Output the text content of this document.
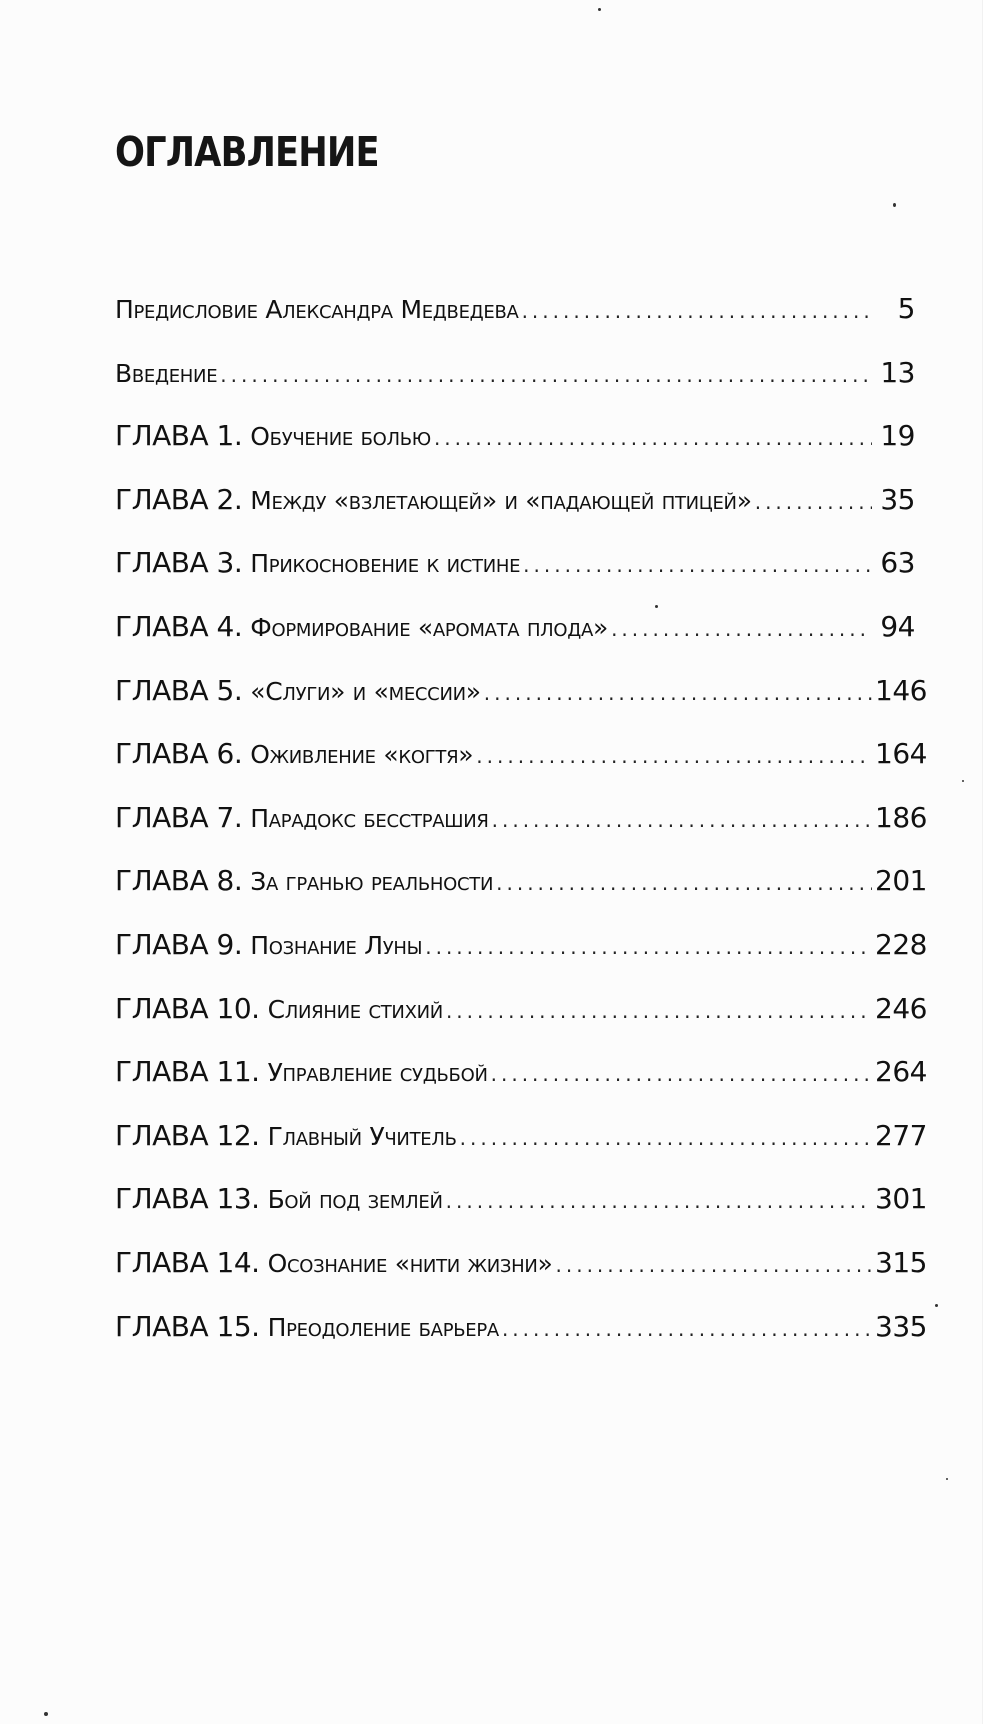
ОГЛАВЛЕНИЕ
Предисловие Александра Медведева .....	5
Введение .....	13
ГЛАВА 1. Обучение болью .....	19
ГЛАВА 2. Между «взлетающей» и «падающей птицей» .....	35
ГЛАВА 3. Прикосновение к истине .....	63
ГЛАВА 4. Формирование «аромата плода» .....	94
ГЛАВА 5. «Слуги» и «мессии» .....	146
ГЛАВА 6. Оживление «когтя» .....	164
ГЛАВА 7. Парадокс бесстрашия .....	186
ГЛАВА 8. За гранью реальности .....	201
ГЛАВА 9. Познание Луны .....	228
ГЛАВА 10. Слияние стихий .....	246
ГЛАВА 11. Управление судьбой .....	264
ГЛАВА 12. Главный Учитель .....	277
ГЛАВА 13. Бой под землей .....	301
ГЛАВА 14. Осознание «нити жизни» .....	315
ГЛАВА 15. Преодоление барьера .....	335
